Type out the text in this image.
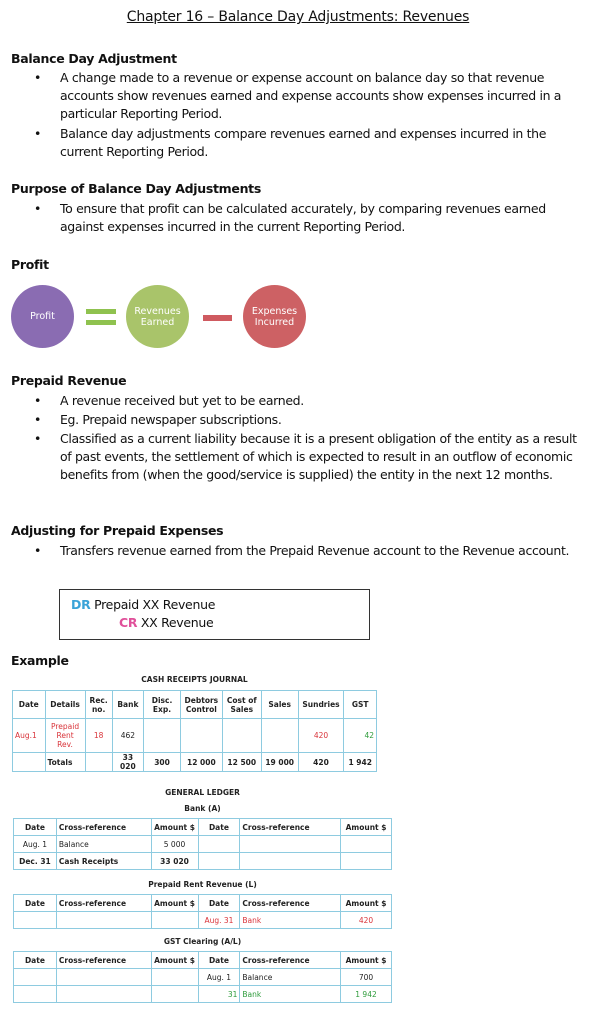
Chapter 16 – Balance Day Adjustments: Revenues
Balance Day Adjustment
• A change made to a revenue or expense account on balance day so that revenue accounts show revenues earned and expense accounts show expenses incurred in a particular Reporting Period.
• Balance day adjustments compare revenues earned and expenses incurred in the current Reporting Period.
Purpose of Balance Day Adjustments
• To ensure that profit can be calculated accurately, by comparing revenues earned against expenses incurred in the current Reporting Period.
Profit
Profit	Revenues Earned
Expenses Incurred
Prepaid Revenue
• A revenue received but yet to be earned.
• Eg. Prepaid newspaper subscriptions.
• Classified as a current liability because it is a present obligation of the entity as a result of past events, the settlement of which is expected to result in an outflow of economic benefits from (when the good/service is supplied) the entity in the next 12 months.
Adjusting for Prepaid Expenses
• Transfers revenue earned from the Prepaid Revenue account to the Revenue account.
DR Prepaid XX Revenue
CR XX Revenue
Example
CASH RECEIPTS JOURNAL
Date	Details	Rec. no.	Bank	Disc. Exp.	Debtors Control	Cost of Sales	Sales	Sundries	GST
Aug.1	Prepaid Rent Rev.	18	462					420	42
	Totals		33 020	300	12 000	12 500	19 000	420	1 942
GENERAL LEDGER
Bank (A)
Date	Cross-reference	Amount $	Date	Cross-reference	Amount $
Aug. 1	Balance	5 000			
Dec. 31	Cash Receipts	33 020			
Prepaid Rent Revenue (L)
Date	Cross-reference	Amount $	Date	Cross-reference	Amount $
			Aug. 31	Bank	420
GST Clearing (A/L)
Date	Cross-reference	Amount $	Date	Cross-reference	Amount $
			Aug. 1	Balance	700
			31	Bank	1 942
